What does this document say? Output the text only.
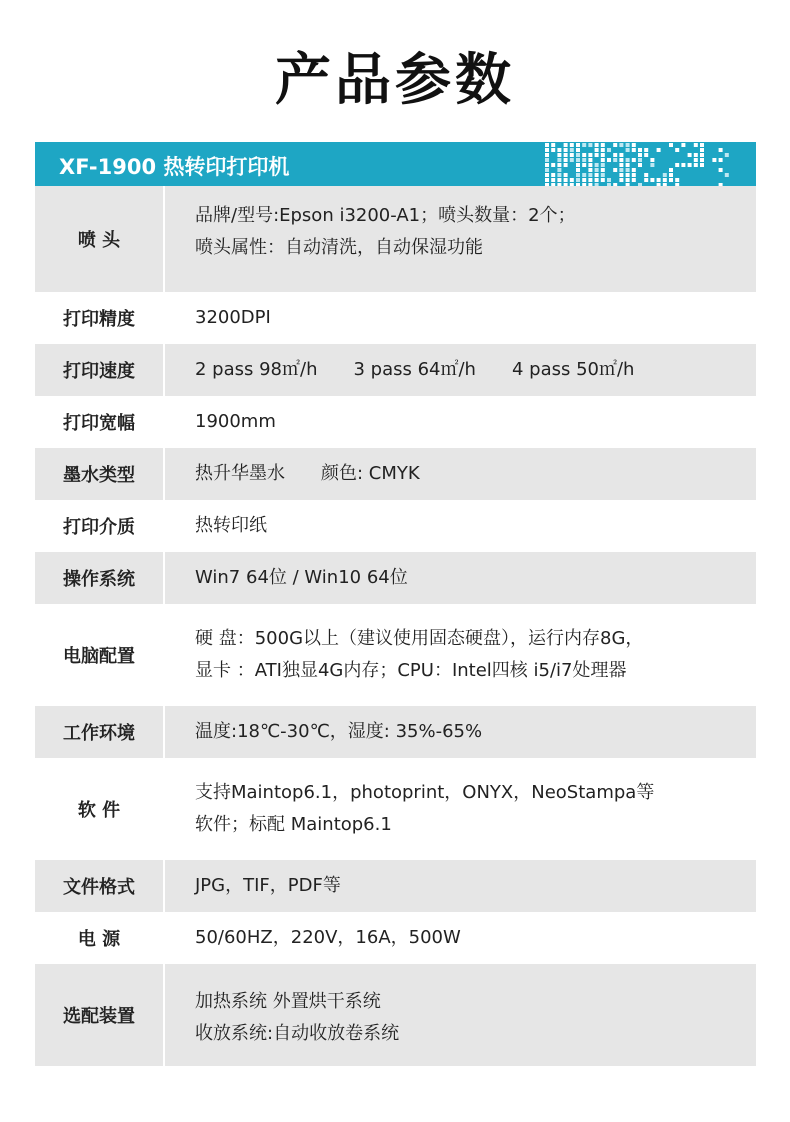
产品参数
XF-1900 热转印打印机
喷 头	品牌/型号:Epson i3200-A1；喷头数量：2个；
喷头属性：自动清洗，自动保湿功能

打印精度	3200DPI
打印速度	2 pass 98㎡/h 3 pass 64㎡/h 4 pass 50㎡/h
打印宽幅	1900mm
墨水类型	热升华墨水 颜色: CMYK
打印介质	热转印纸
操作系统	Win7 64位 / Win10 64位
电脑配置	硬 盘：500G以上（建议使用固态硬盘），运行内存8G，
显卡 ：ATI独显4G内存；CPU：Intel四核 i5/i7处理器

工作环境	温度:18℃-30℃，湿度: 35%-65%
软 件	支持Maintop6.1，photoprint，ONYX，NeoStampa等
软件；标配 Maintop6.1

文件格式	JPG，TIF，PDF等
电 源	50/60HZ，220V，16A，500W
选配装置	加热系统 外置烘干系统
收放系统:自动收放卷系统
